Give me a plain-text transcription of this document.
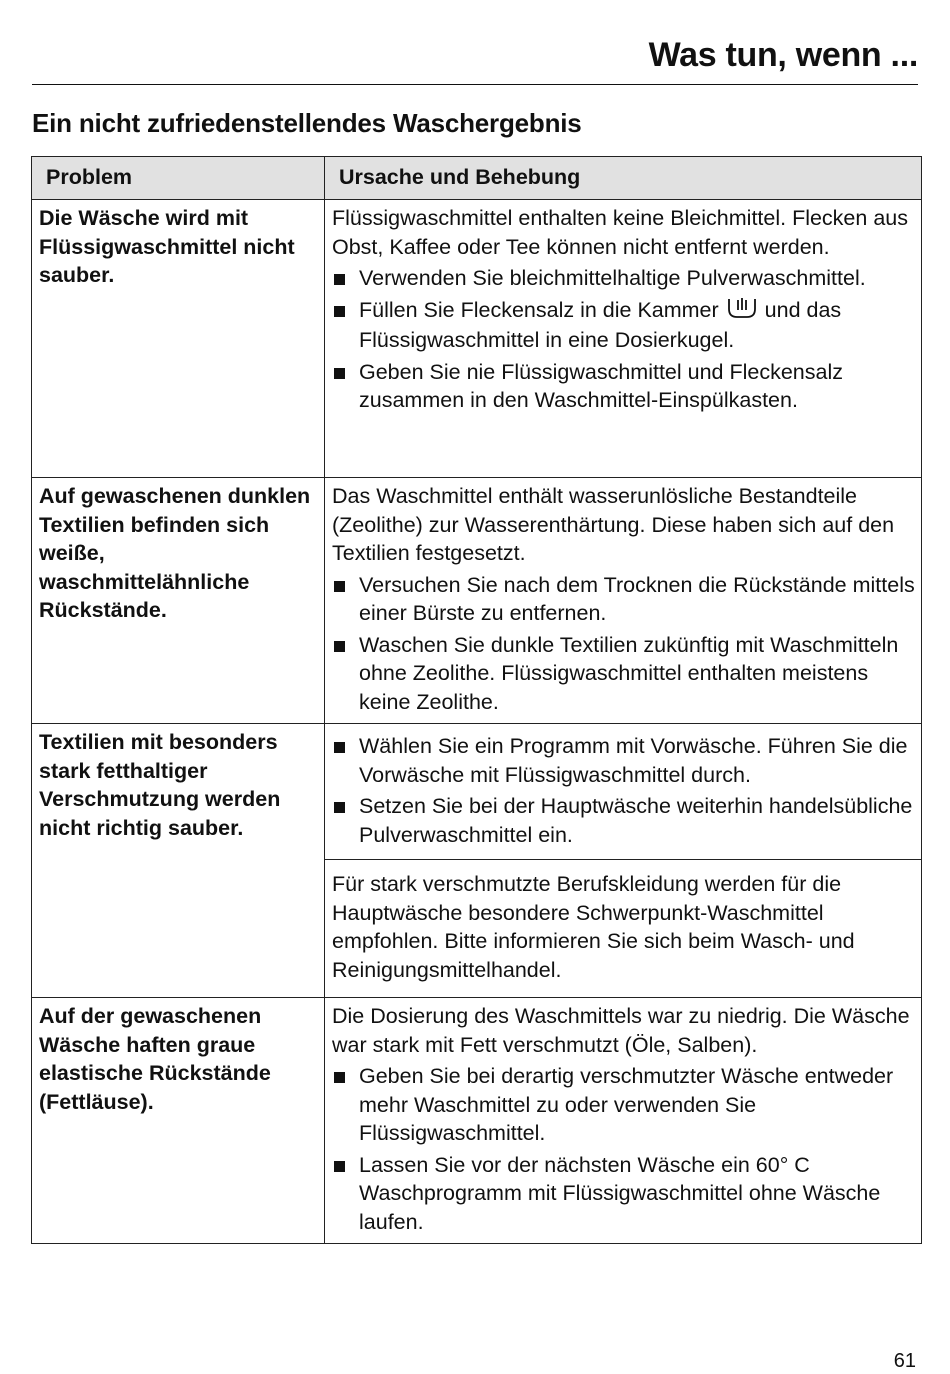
Was tun, wenn ...
Ein nicht zufriedenstellendes Waschergebnis
Problem	Ursache und Behebung
Die Wäsche wird mit Flüssigwaschmittel nicht sauber.	Flüssigwaschmittel enthalten keine Bleichmittel. Flecken aus Obst, Kaffee oder Tee können nicht entfernt werden.
Verwenden Sie bleichmittelhaltige Pulverwaschmittel.
Füllen Sie Fleckensalz in die Kammer und das Flüssigwaschmittel in eine Dosierkugel.
Geben Sie nie Flüssigwaschmittel und Fleckensalz zusammen in den Waschmittel-Einspülkasten.

Auf gewaschenen dunklen Textilien befinden sich weiße, waschmittelähnliche Rückstände.	Das Waschmittel enthält wasserunlösliche Bestandteile (Zeolithe) zur Wasserenthärtung. Diese haben sich auf den Textilien festgesetzt.
Versuchen Sie nach dem Trocknen die Rückstände mittels einer Bürste zu entfernen.
Waschen Sie dunkle Textilien zukünftig mit Waschmitteln ohne Zeolithe. Flüssigwaschmittel enthalten meistens keine Zeolithe.

Textilien mit besonders stark fetthaltiger Verschmutzung werden nicht richtig sauber.	Wählen Sie ein Programm mit Vorwäsche. Führen Sie die Vorwäsche mit Flüssigwaschmittel durch.
Setzen Sie bei der Hauptwäsche weiterhin handelsübliche Pulverwaschmittel ein.

	Für stark verschmutzte Berufskleidung werden für die Hauptwäsche besondere Schwerpunkt-Waschmittel empfohlen. Bitte informieren Sie sich beim Wasch- und Reinigungsmittelhandel.
Auf der gewaschenen Wäsche haften graue elastische Rückstände (Fettläuse).	Die Dosierung des Waschmittels war zu niedrig. Die Wäsche war stark mit Fett verschmutzt (Öle, Salben).
Geben Sie bei derartig verschmutzter Wäsche entweder mehr Waschmittel zu oder verwenden Sie Flüssigwaschmittel.
Lassen Sie vor der nächsten Wäsche ein 60° C Waschprogramm mit Flüssigwaschmittel ohne Wäsche laufen.
61
